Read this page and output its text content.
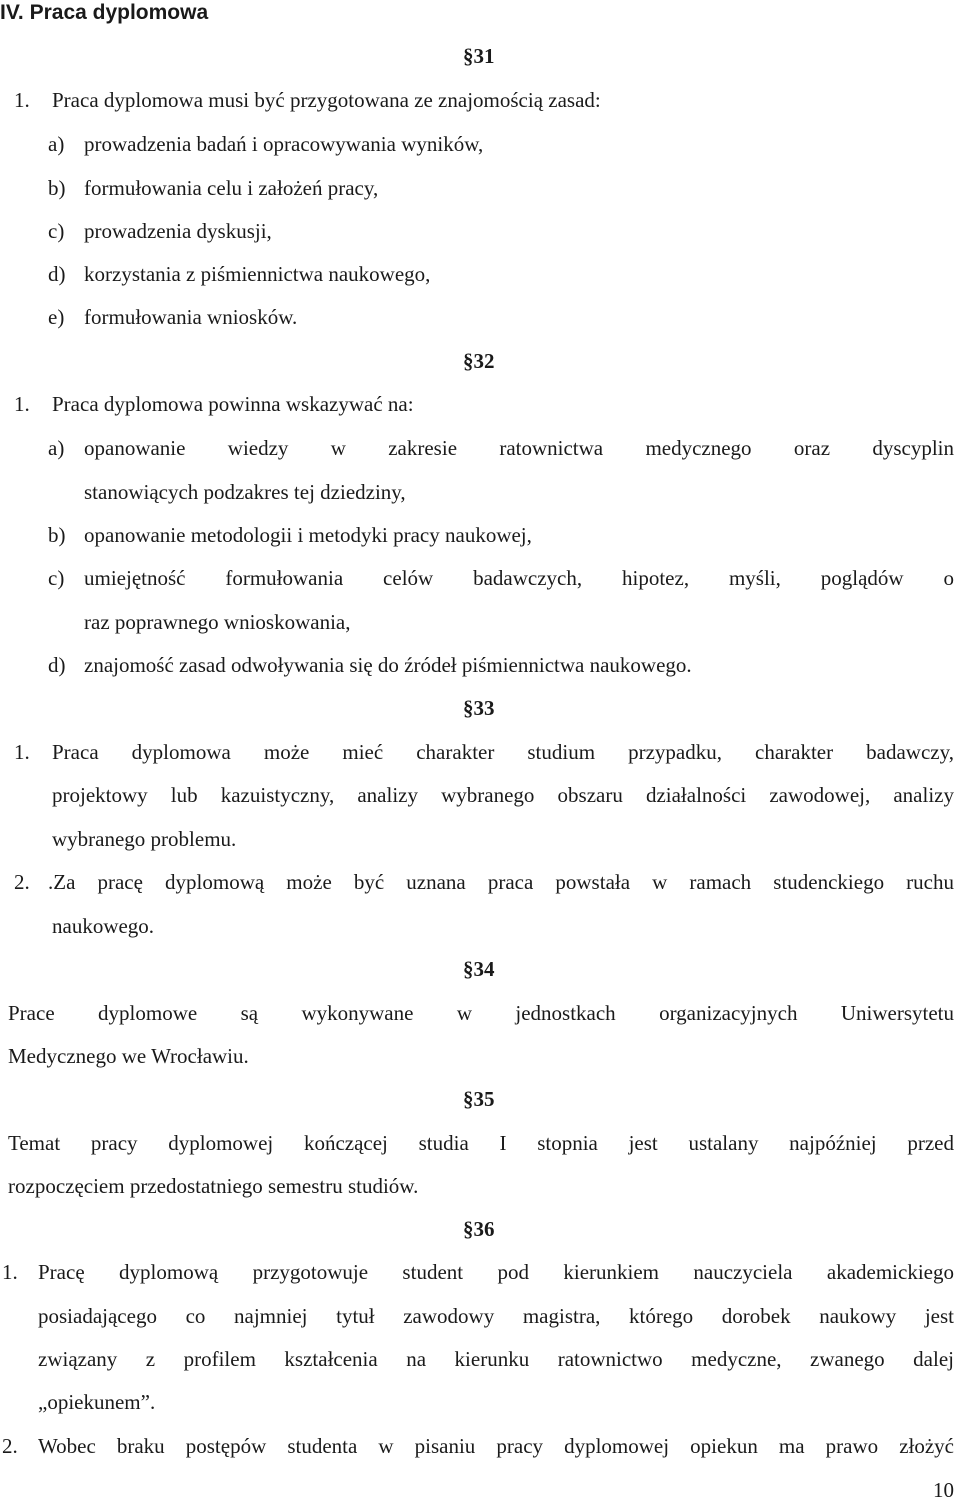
IV. Praca dyplomowa
§31
1. Praca dyplomowa musi być przygotowana ze znajomością zasad:
a) prowadzenia badań i opracowywania wyników,
b) formułowania celu i założeń pracy,
c) prowadzenia dyskusji,
d) korzystania z piśmiennictwa naukowego,
e) formułowania wniosków.
§32
1. Praca dyplomowa powinna wskazywać na:
a) opanowanie wiedzy w zakresie ratownictwa medycznego oraz dyscyplin
stanowiących podzakres tej dziedziny,
b) opanowanie metodologii i metodyki pracy naukowej,
c) umiejętność formułowania celów badawczych, hipotez, myśli, poglądów o
raz poprawnego wnioskowania,
d) znajomość zasad odwoływania się do źródeł piśmiennictwa naukowego.
§33
1. Praca dyplomowa może mieć charakter studium przypadku, charakter badawczy,
projektowy lub kazuistyczny, analizy wybranego obszaru działalności zawodowej, analizy
wybranego problemu.
2. .Za pracę dyplomową może być uznana praca powstała w ramach studenckiego ruchu
naukowego.
§34
Prace dyplomowe są wykonywane w jednostkach organizacyjnych Uniwersytetu
Medycznego we Wrocławiu.
§35
Temat pracy dyplomowej kończącej studia I stopnia jest ustalany najpóźniej przed
rozpoczęciem przedostatniego semestru studiów.
§36
1. Pracę dyplomową przygotowuje student pod kierunkiem nauczyciela akademickiego
posiadającego co najmniej tytuł zawodowy magistra, którego dorobek naukowy jest
związany z profilem kształcenia na kierunku ratownictwo medyczne, zwanego dalej
„opiekunem”.
2. Wobec braku postępów studenta w pisaniu pracy dyplomowej opiekun ma prawo złożyć
10
